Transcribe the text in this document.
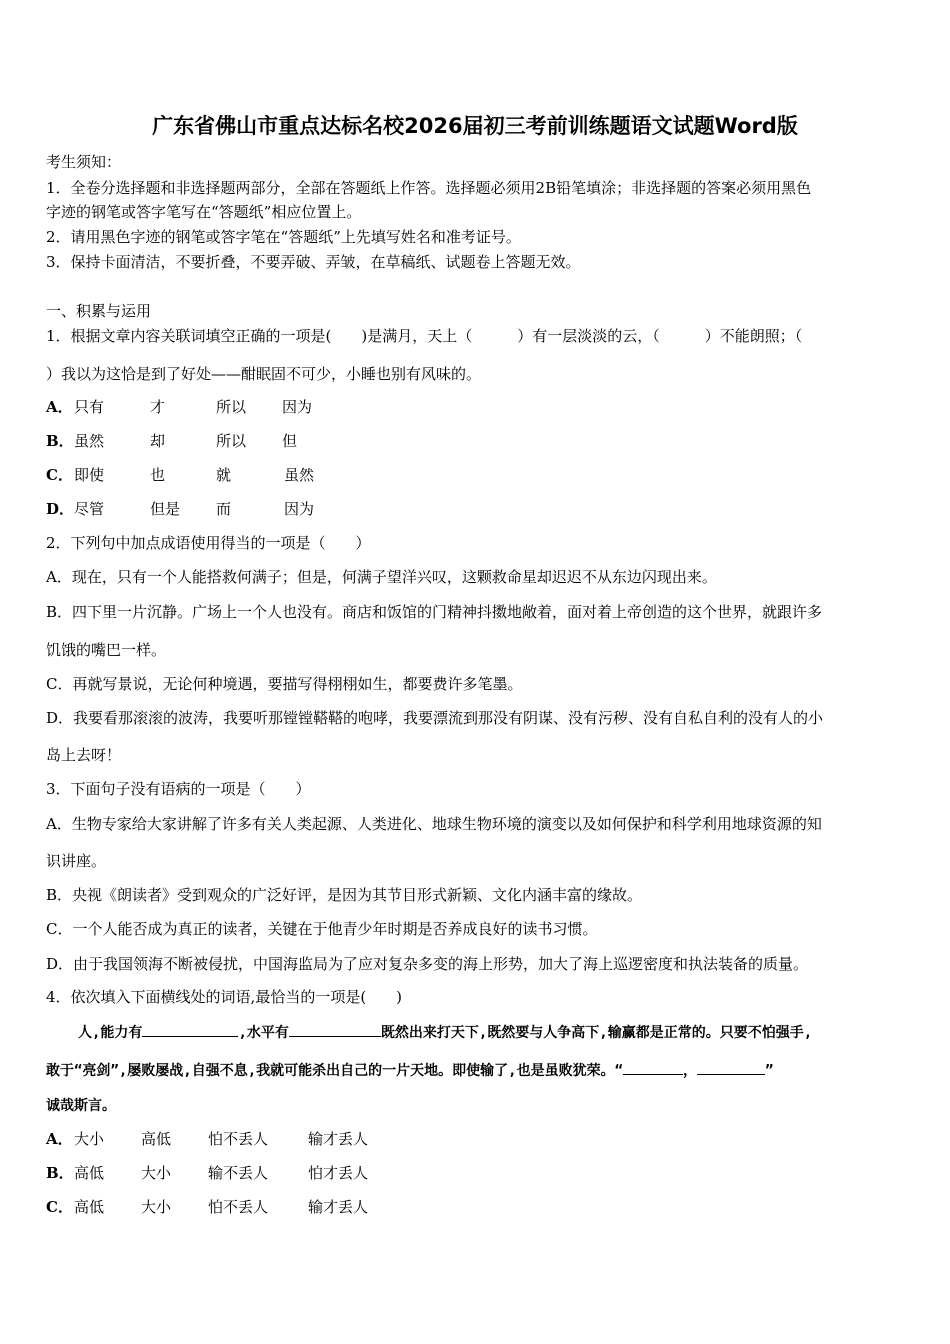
广东省佛山市重点达标名校2026届初三考前训练题语文试题Word版
考生须知：
1．全卷分选择题和非选择题两部分，全部在答题纸上作答。选择题必须用2B铅笔填涂；非选择题的答案必须用黑色
字迹的钢笔或答字笔写在“答题纸”相应位置上。
2．请用黑色字迹的钢笔或答字笔在“答题纸”上先填写姓名和准考证号。
3．保持卡面清洁，不要折叠，不要弄破、弄皱，在草稿纸、试题卷上答题无效。
一、积累与运用
1．根据文章内容关联词填空正确的一项是(　　)是满月，天上（　　　）有一层淡淡的云，（　　　）不能朗照；（
）我以为这恰是到了好处——酣眠固不可少，小睡也别有风味的。
A．只有	才	所以 因为
B．虽然	却	所以 但
C．即使	也	就	虽然
D．尽管	但是 而	因为
2．下列句中加点成语使用得当的一项是（　　）
A．现在，只有一个人能搭救何满子；但是，何满子望洋兴叹，这颗救命星却迟迟不从东边闪现出来。
B．四下里一片沉静。广场上一个人也没有。商店和饭馆的门精神抖擞地敞着，面对着上帝创造的这个世界，就跟许多
饥饿的嘴巴一样。
C．再就写景说，无论何种境遇，要描写得栩栩如生，都要费许多笔墨。
D．我要看那滚滚的波涛，我要听那镗镗鞳鞳的咆哮，我要漂流到那没有阴谋、没有污秽、没有自私自利的没有人的小
岛上去呀！
3．下面句子没有语病的一项是（　　）
A．生物专家给大家讲解了许多有关人类起源、人类进化、地球生物环境的演变以及如何保护和科学利用地球资源的知
识讲座。
B．央视《朗读者》受到观众的广泛好评，是因为其节目形式新颖、文化内涵丰富的缘故。
C．一个人能否成为真正的读者，关键在于他青少年时期是否养成良好的读书习惯。
D．由于我国领海不断被侵扰，中国海监局为了应对复杂多变的海上形势，加大了海上巡逻密度和执法装备的质量。
4．依次填入下面横线处的词语,最恰当的一项是(　　)
人,能力有	,水平有	既然出来打天下,既然要与人争高下,输赢都是正常的。只要不怕强手,
敢于“亮剑”,屡败屡战,自强不息,我就可能杀出自己的一片天地。即使输了,也是虽败犹荣。“	，	”
诚哉斯言。
A．大小 高低 怕不丢人	输才丢人
B．高低 大小 输不丢人	怕才丢人
C．高低 大小 怕不丢人	输才丢人
